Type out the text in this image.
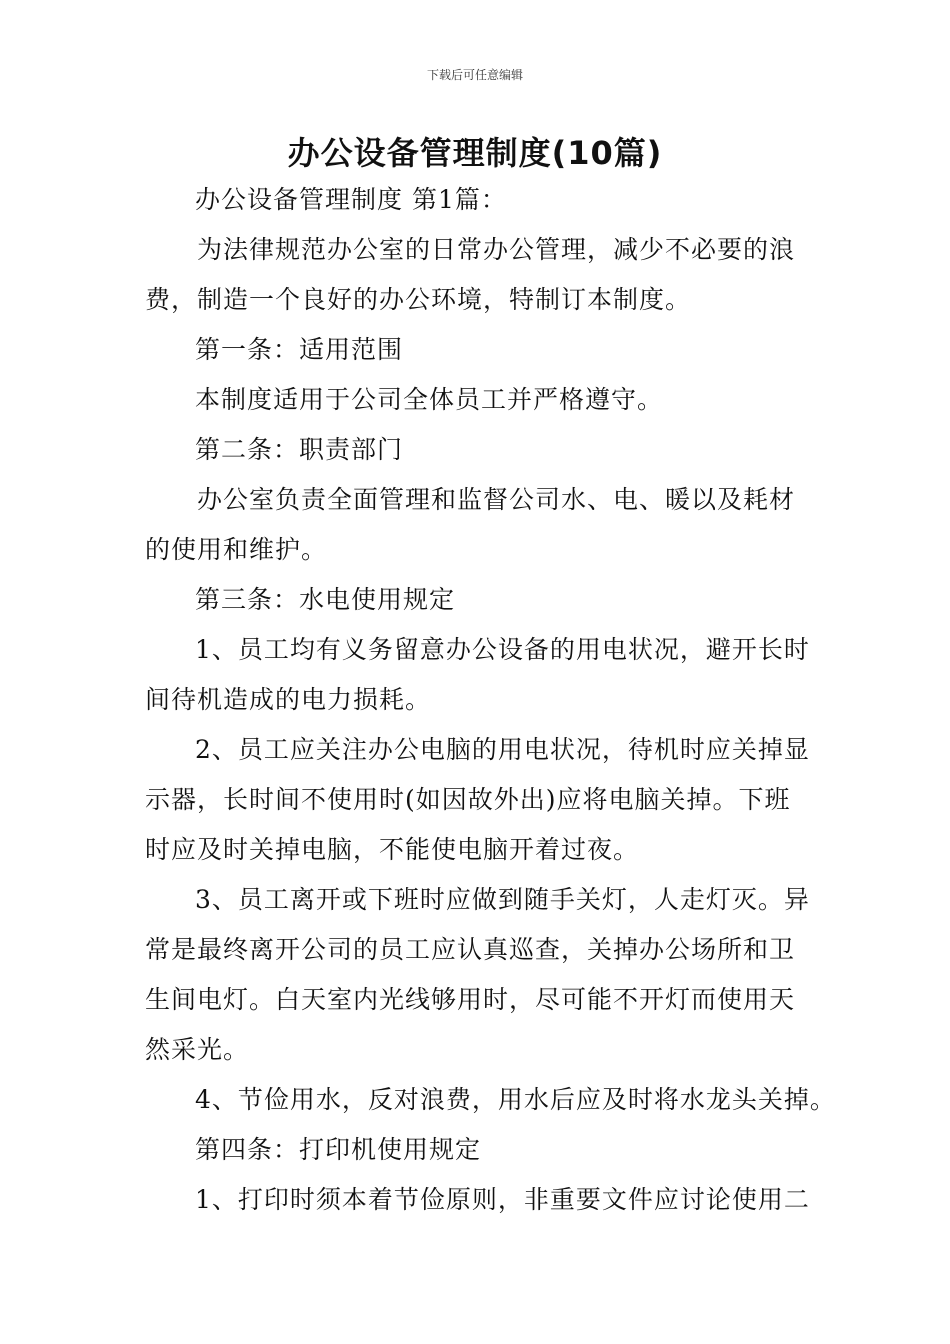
下载后可任意编辑
办公设备管理制度(10篇)
办公设备管理制度 第1篇：
为法律规范办公室的日常办公管理，减少不必要的浪
费，制造一个良好的办公环境，特制订本制度。
第一条：适用范围
本制度适用于公司全体员工并严格遵守。
第二条：职责部门
办公室负责全面管理和监督公司水、电、暖以及耗材
的使用和维护。
第三条：水电使用规定
1、员工均有义务留意办公设备的用电状况，避开长时
间待机造成的电力损耗。
2、员工应关注办公电脑的用电状况，待机时应关掉显
示器，长时间不使用时(如因故外出)应将电脑关掉。下班
时应及时关掉电脑，不能使电脑开着过夜。
3、员工离开或下班时应做到随手关灯，人走灯灭。异
常是最终离开公司的员工应认真巡查，关掉办公场所和卫
生间电灯。白天室内光线够用时，尽可能不开灯而使用天
然采光。
4、节俭用水，反对浪费，用水后应及时将水龙头关掉。
第四条：打印机使用规定
1、打印时须本着节俭原则，非重要文件应讨论使用二
